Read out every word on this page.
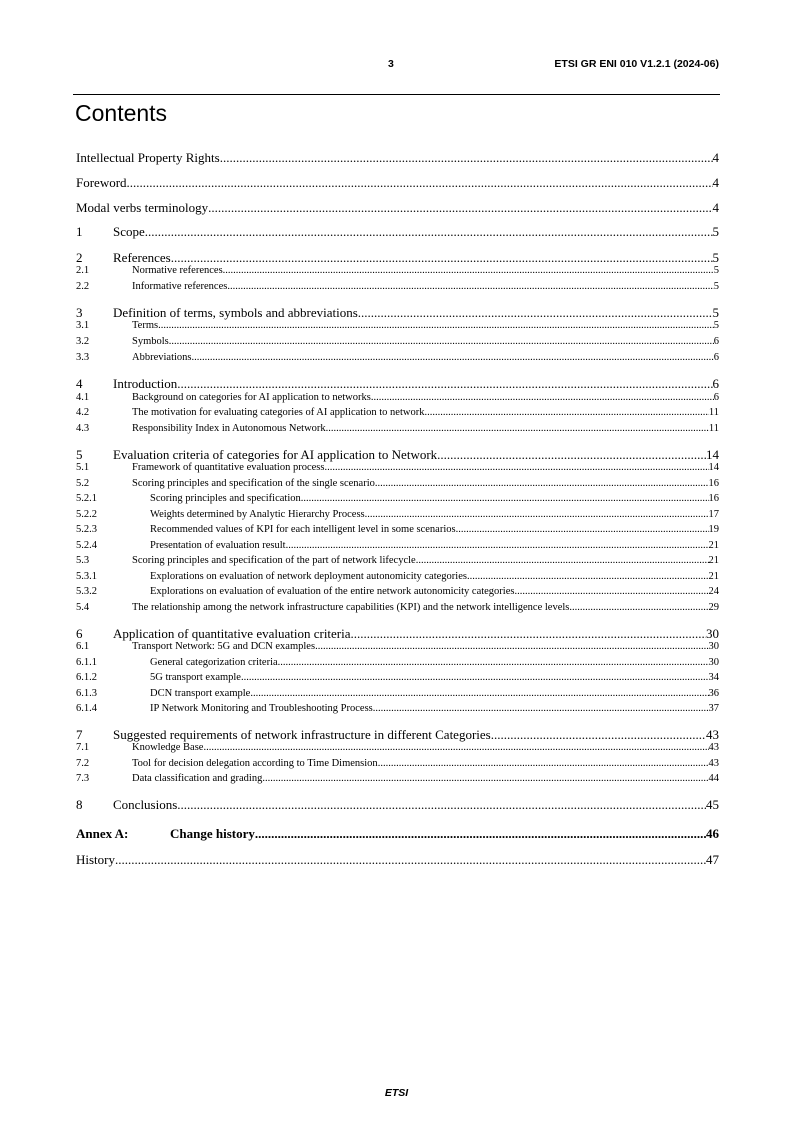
3	ETSI GR ENI 010 V1.2.1 (2024-06)
Contents
Intellectual Property Rights .....	4
Foreword .....	4
Modal verbs terminology .....	4
1	Scope .....	5
2	References .....	5
2.1	Normative references .....	5
2.2	Informative references .....	5
3	Definition of terms, symbols and abbreviations .....	5
3.1	Terms .....	5
3.2	Symbols .....	6
3.3	Abbreviations .....	6
4	Introduction .....	6
4.1	Background on categories for AI application to networks .....	6
4.2	The motivation for evaluating categories of AI application to network .....	11
4.3	Responsibility Index in Autonomous Network .....	11
5	Evaluation criteria of categories for AI application to Network .....	14
5.1	Framework of quantitative evaluation process .....	14
5.2	Scoring principles and specification of the single scenario .....	16
5.2.1	Scoring principles and specification .....	16
5.2.2	Weights determined by Analytic Hierarchy Process .....	17
5.2.3	Recommended values of KPI for each intelligent level in some scenarios .....	19
5.2.4	Presentation of evaluation result .....	21
5.3	Scoring principles and specification of the part of network lifecycle .....	21
5.3.1	Explorations on evaluation of network deployment autonomicity categories .....	21
5.3.2	Explorations on evaluation of evaluation of the entire network autonomicity categories .....	24
5.4	The relationship among the network infrastructure capabilities (KPI) and the network intelligence levels .....	29
6	Application of quantitative evaluation criteria .....	30
6.1	Transport Network: 5G and DCN examples .....	30
6.1.1	General categorization criteria .....	30
6.1.2	5G transport example .....	34
6.1.3	DCN transport example .....	36
6.1.4	IP Network Monitoring and Troubleshooting Process .....	37
7	Suggested requirements of network infrastructure in different Categories .....	43
7.1	Knowledge Base .....	43
7.2	Tool for decision delegation according to Time Dimension .....	43
7.3	Data classification and grading .....	44
8	Conclusions .....	45
Annex A:	Change history .....	46
History .....	47
ETSI
